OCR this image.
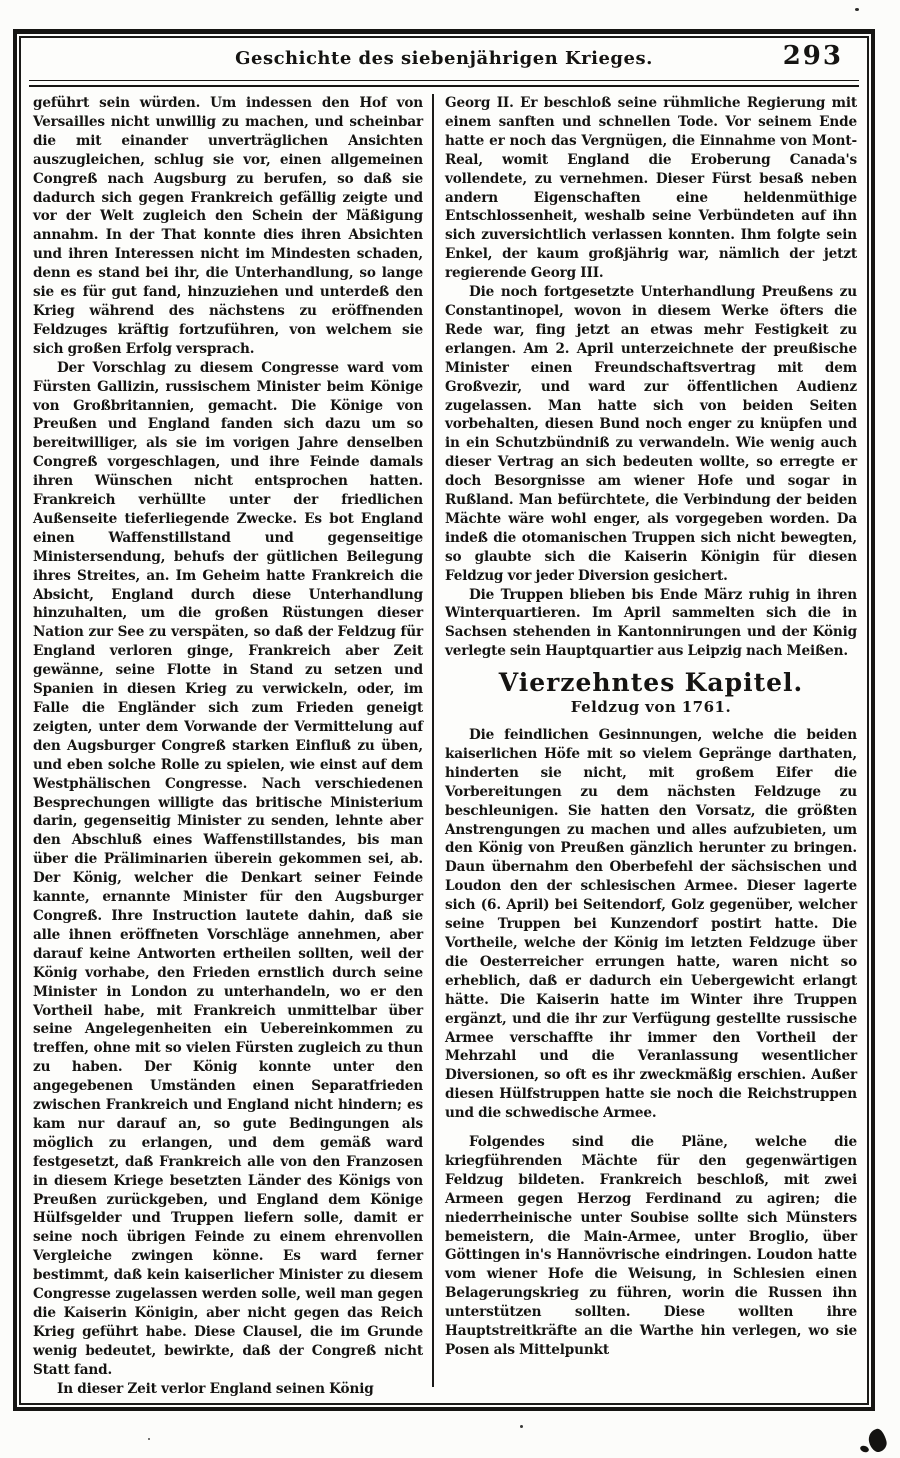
Geschichte des siebenjährigen Krieges.	293

geführt sein würden. Um indessen den Hof von Versailles nicht unwillig zu machen, und scheinbar die mit einander unverträglichen Ansichten auszugleichen, schlug sie vor, einen allgemeinen Congreß nach Augsburg zu berufen, so daß sie dadurch sich gegen Frankreich gefällig zeigte und vor der Welt zugleich den Schein der Mäßigung annahm. In der That konnte dies ihren Absichten und ihren Interessen nicht im Mindesten schaden, denn es stand bei ihr, die Unterhandlung, so lange sie es für gut fand, hinzuziehen und unterdeß den Krieg während des nächstens zu eröffnenden Feldzuges kräftig fortzuführen, von welchem sie sich großen Erfolg versprach.

Der Vorschlag zu diesem Congresse ward vom Fürsten Gallizin, russischem Minister beim Könige von Großbritannien, gemacht. Die Könige von Preußen und England fanden sich dazu um so bereitwilliger, als sie im vorigen Jahre denselben Congreß vorgeschlagen, und ihre Feinde damals ihren Wünschen nicht entsprochen hatten. Frankreich verhüllte unter der friedlichen Außenseite tieferliegende Zwecke. Es bot England einen Waffenstillstand und gegenseitige Ministersendung, behufs der gütlichen Beilegung ihres Streites, an. Im Geheim hatte Frankreich die Absicht, England durch diese Unterhandlung hinzuhalten, um die großen Rüstungen dieser Nation zur See zu verspäten, so daß der Feldzug für England verloren ginge, Frankreich aber Zeit gewänne, seine Flotte in Stand zu setzen und Spanien in diesen Krieg zu verwickeln, oder, im Falle die Engländer sich zum Frieden geneigt zeigten, unter dem Vorwande der Vermittelung auf den Augsburger Congreß starken Einfluß zu üben, und eben solche Rolle zu spielen, wie einst auf dem Westphälischen Congresse. Nach verschiedenen Besprechungen willigte das britische Ministerium darin, gegenseitig Minister zu senden, lehnte aber den Abschluß eines Waffenstillstandes, bis man über die Präliminarien überein gekommen sei, ab. Der König, welcher die Denkart seiner Feinde kannte, ernannte Minister für den Augsburger Congreß. Ihre Instruction lautete dahin, daß sie alle ihnen eröffneten Vorschläge annehmen, aber darauf keine Antworten ertheilen sollten, weil der König vorhabe, den Frieden ernstlich durch seine Minister in London zu unterhandeln, wo er den Vortheil habe, mit Frankreich unmittelbar über seine Angelegenheiten ein Uebereinkommen zu treffen, ohne mit so vielen Fürsten zugleich zu thun zu haben. Der König konnte unter den angegebenen Umständen einen Separatfrieden zwischen Frankreich und England nicht hindern; es kam nur darauf an, so gute Bedingungen als möglich zu erlangen, und dem gemäß ward festgesetzt, daß Frankreich alle von den Franzosen in diesem Kriege besetzten Länder des Königs von Preußen zurückgeben, und England dem Könige Hülfsgelder und Truppen liefern solle, damit er seine noch übrigen Feinde zu einem ehrenvollen Vergleiche zwingen könne. Es ward ferner bestimmt, daß kein kaiserlicher Minister zu diesem Congresse zugelassen werden solle, weil man gegen die Kaiserin Königin, aber nicht gegen das Reich Krieg geführt habe. Diese Clausel, die im Grunde wenig bedeutet, bewirkte, daß der Congreß nicht Statt fand.

In dieser Zeit verlor England seinen König

Georg II. Er beschloß seine rühmliche Regierung mit einem sanften und schnellen Tode. Vor seinem Ende hatte er noch das Vergnügen, die Einnahme von Mont-Real, womit England die Eroberung Canada's vollendete, zu vernehmen. Dieser Fürst besaß neben andern Eigenschaften eine heldenmüthige Entschlossenheit, weshalb seine Verbündeten auf ihn sich zuversichtlich verlassen konnten. Ihm folgte sein Enkel, der kaum großjährig war, nämlich der jetzt regierende Georg III.

Die noch fortgesetzte Unterhandlung Preußens zu Constantinopel, wovon in diesem Werke öfters die Rede war, fing jetzt an etwas mehr Festigkeit zu erlangen. Am 2. April unterzeichnete der preußische Minister einen Freundschaftsvertrag mit dem Großvezir, und ward zur öffentlichen Audienz zugelassen. Man hatte sich von beiden Seiten vorbehalten, diesen Bund noch enger zu knüpfen und in ein Schutzbündniß zu verwandeln. Wie wenig auch dieser Vertrag an sich bedeuten wollte, so erregte er doch Besorgnisse am wiener Hofe und sogar in Rußland. Man befürchtete, die Verbindung der beiden Mächte wäre wohl enger, als vorgegeben worden. Da indeß die otomanischen Truppen sich nicht bewegten, so glaubte sich die Kaiserin Königin für diesen Feldzug vor jeder Diversion gesichert.

Die Truppen blieben bis Ende März ruhig in ihren Winterquartieren. Im April sammelten sich die in Sachsen stehenden in Kantonnirungen und der König verlegte sein Hauptquartier aus Leipzig nach Meißen.

Vierzehntes Kapitel.
Feldzug von 1761.

Die feindlichen Gesinnungen, welche die beiden kaiserlichen Höfe mit so vielem Gepränge darthaten, hinderten sie nicht, mit großem Eifer die Vorbereitungen zu dem nächsten Feldzuge zu beschleunigen. Sie hatten den Vorsatz, die größten Anstrengungen zu machen und alles aufzubieten, um den König von Preußen gänzlich herunter zu bringen. Daun übernahm den Oberbefehl der sächsischen und Loudon den der schlesischen Armee. Dieser lagerte sich (6. April) bei Seitendorf, Golz gegenüber, welcher seine Truppen bei Kunzendorf postirt hatte. Die Vortheile, welche der König im letzten Feldzuge über die Oesterreicher errungen hatte, waren nicht so erheblich, daß er dadurch ein Uebergewicht erlangt hätte. Die Kaiserin hatte im Winter ihre Truppen ergänzt, und die ihr zur Verfügung gestellte russische Armee verschaffte ihr immer den Vortheil der Mehrzahl und die Veranlassung wesentlicher Diversionen, so oft es ihr zweckmäßig erschien. Außer diesen Hülfstruppen hatte sie noch die Reichstruppen und die schwedische Armee.

Folgendes sind die Pläne, welche die kriegführenden Mächte für den gegenwärtigen Feldzug bildeten. Frankreich beschloß, mit zwei Armeen gegen Herzog Ferdinand zu agiren; die niederrheinische unter Soubise sollte sich Münsters bemeistern, die Main-Armee, unter Broglio, über Göttingen in's Hannövrische eindringen. Loudon hatte vom wiener Hofe die Weisung, in Schlesien einen Belagerungskrieg zu führen, worin die Russen ihn unterstützen sollten. Diese wollten ihre Hauptstreitkräfte an die Warthe hin verlegen, wo sie Posen als Mittelpunkt
